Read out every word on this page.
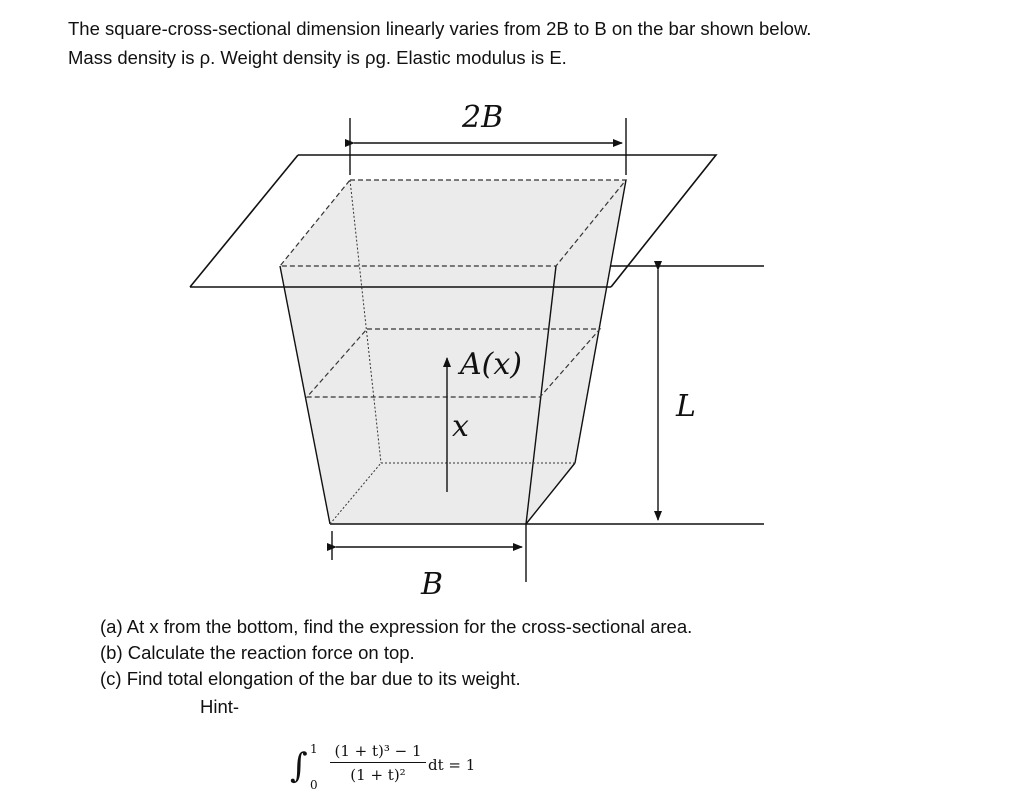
The square-cross-sectional dimension linearly varies from 2B to B on the bar shown below.
Mass density is ρ. Weight density is ρg. Elastic modulus is E.

2B
B
L
A(x)
x
(a) At x from the bottom, find the expression for the cross-sectional area.
(b) Calculate the reaction force on top.
(c) Find total elongation of the bar due to its weight.
Hint-
∫ 1
0
(1 + t)³ − 1
(1 + t)²
dt = 1
